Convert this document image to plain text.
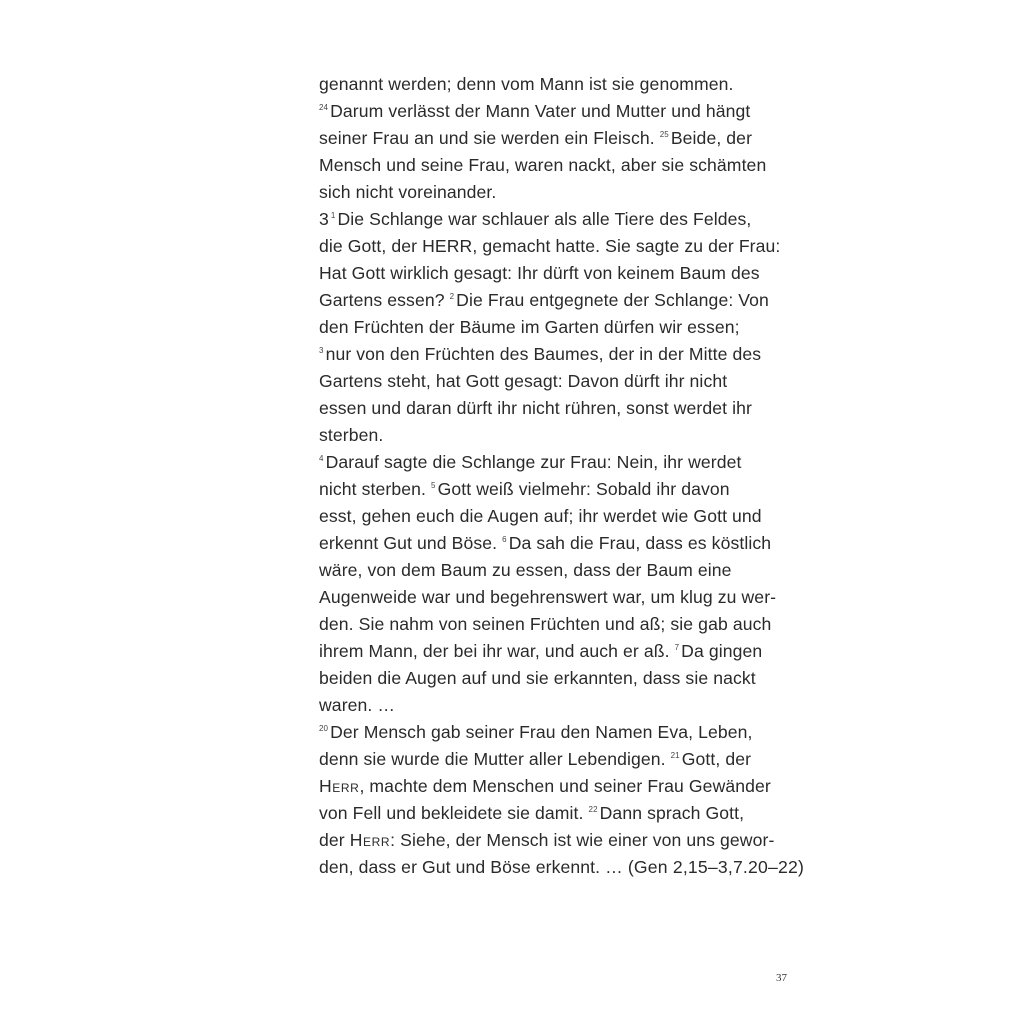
genannt werden; denn vom Mann ist sie genommen.
$^{24}$ Darum verlässt der Mann Vater und Mutter und hängt
seiner Frau an und sie werden ein Fleisch. $^{25}$ Beide, der
Mensch und seine Frau, waren nackt, aber sie schämten
sich nicht voreinander.
3 $^1$ Die Schlange war schlauer als alle Tiere des Feldes,
die Gott, der HERR, gemacht hatte. Sie sagte zu der Frau:
Hat Gott wirklich gesagt: Ihr dürft von keinem Baum des
Gartens essen? $^2$ Die Frau entgegnete der Schlange: Von
den Früchten der Bäume im Garten dürfen wir essen;
$^3$ nur von den Früchten des Baumes, der in der Mitte des
Gartens steht, hat Gott gesagt: Davon dürft ihr nicht
essen und daran dürft ihr nicht rühren, sonst werdet ihr
sterben.
$^4$ Darauf sagte die Schlange zur Frau: Nein, ihr werdet
nicht sterben. $^5$ Gott weiß vielmehr: Sobald ihr davon
esst, gehen euch die Augen auf; ihr werdet wie Gott und
erkennt Gut und Böse. $^6$ Da sah die Frau, dass es köstlich
wäre, von dem Baum zu essen, dass der Baum eine
Augenweide war und begehrenswert war, um klug zu wer-
den. Sie nahm von seinen Früchten und aß; sie gab auch
ihrem Mann, der bei ihr war, und auch er aß. $^7$ Da gingen
beiden die Augen auf und sie erkannten, dass sie nackt
waren. …
$^{20}$ Der Mensch gab seiner Frau den Namen Eva, Leben,
denn sie wurde die Mutter aller Lebendigen. $^{21}$ Gott, der
Herr, machte dem Menschen und seiner Frau Gewänder
von Fell und bekleidete sie damit. $^{22}$ Dann sprach Gott,
der Herr: Siehe, der Mensch ist wie einer von uns gewor-
den, dass er Gut und Böse erkennt. … (Gen 2,15–3,7.20–22)
37
